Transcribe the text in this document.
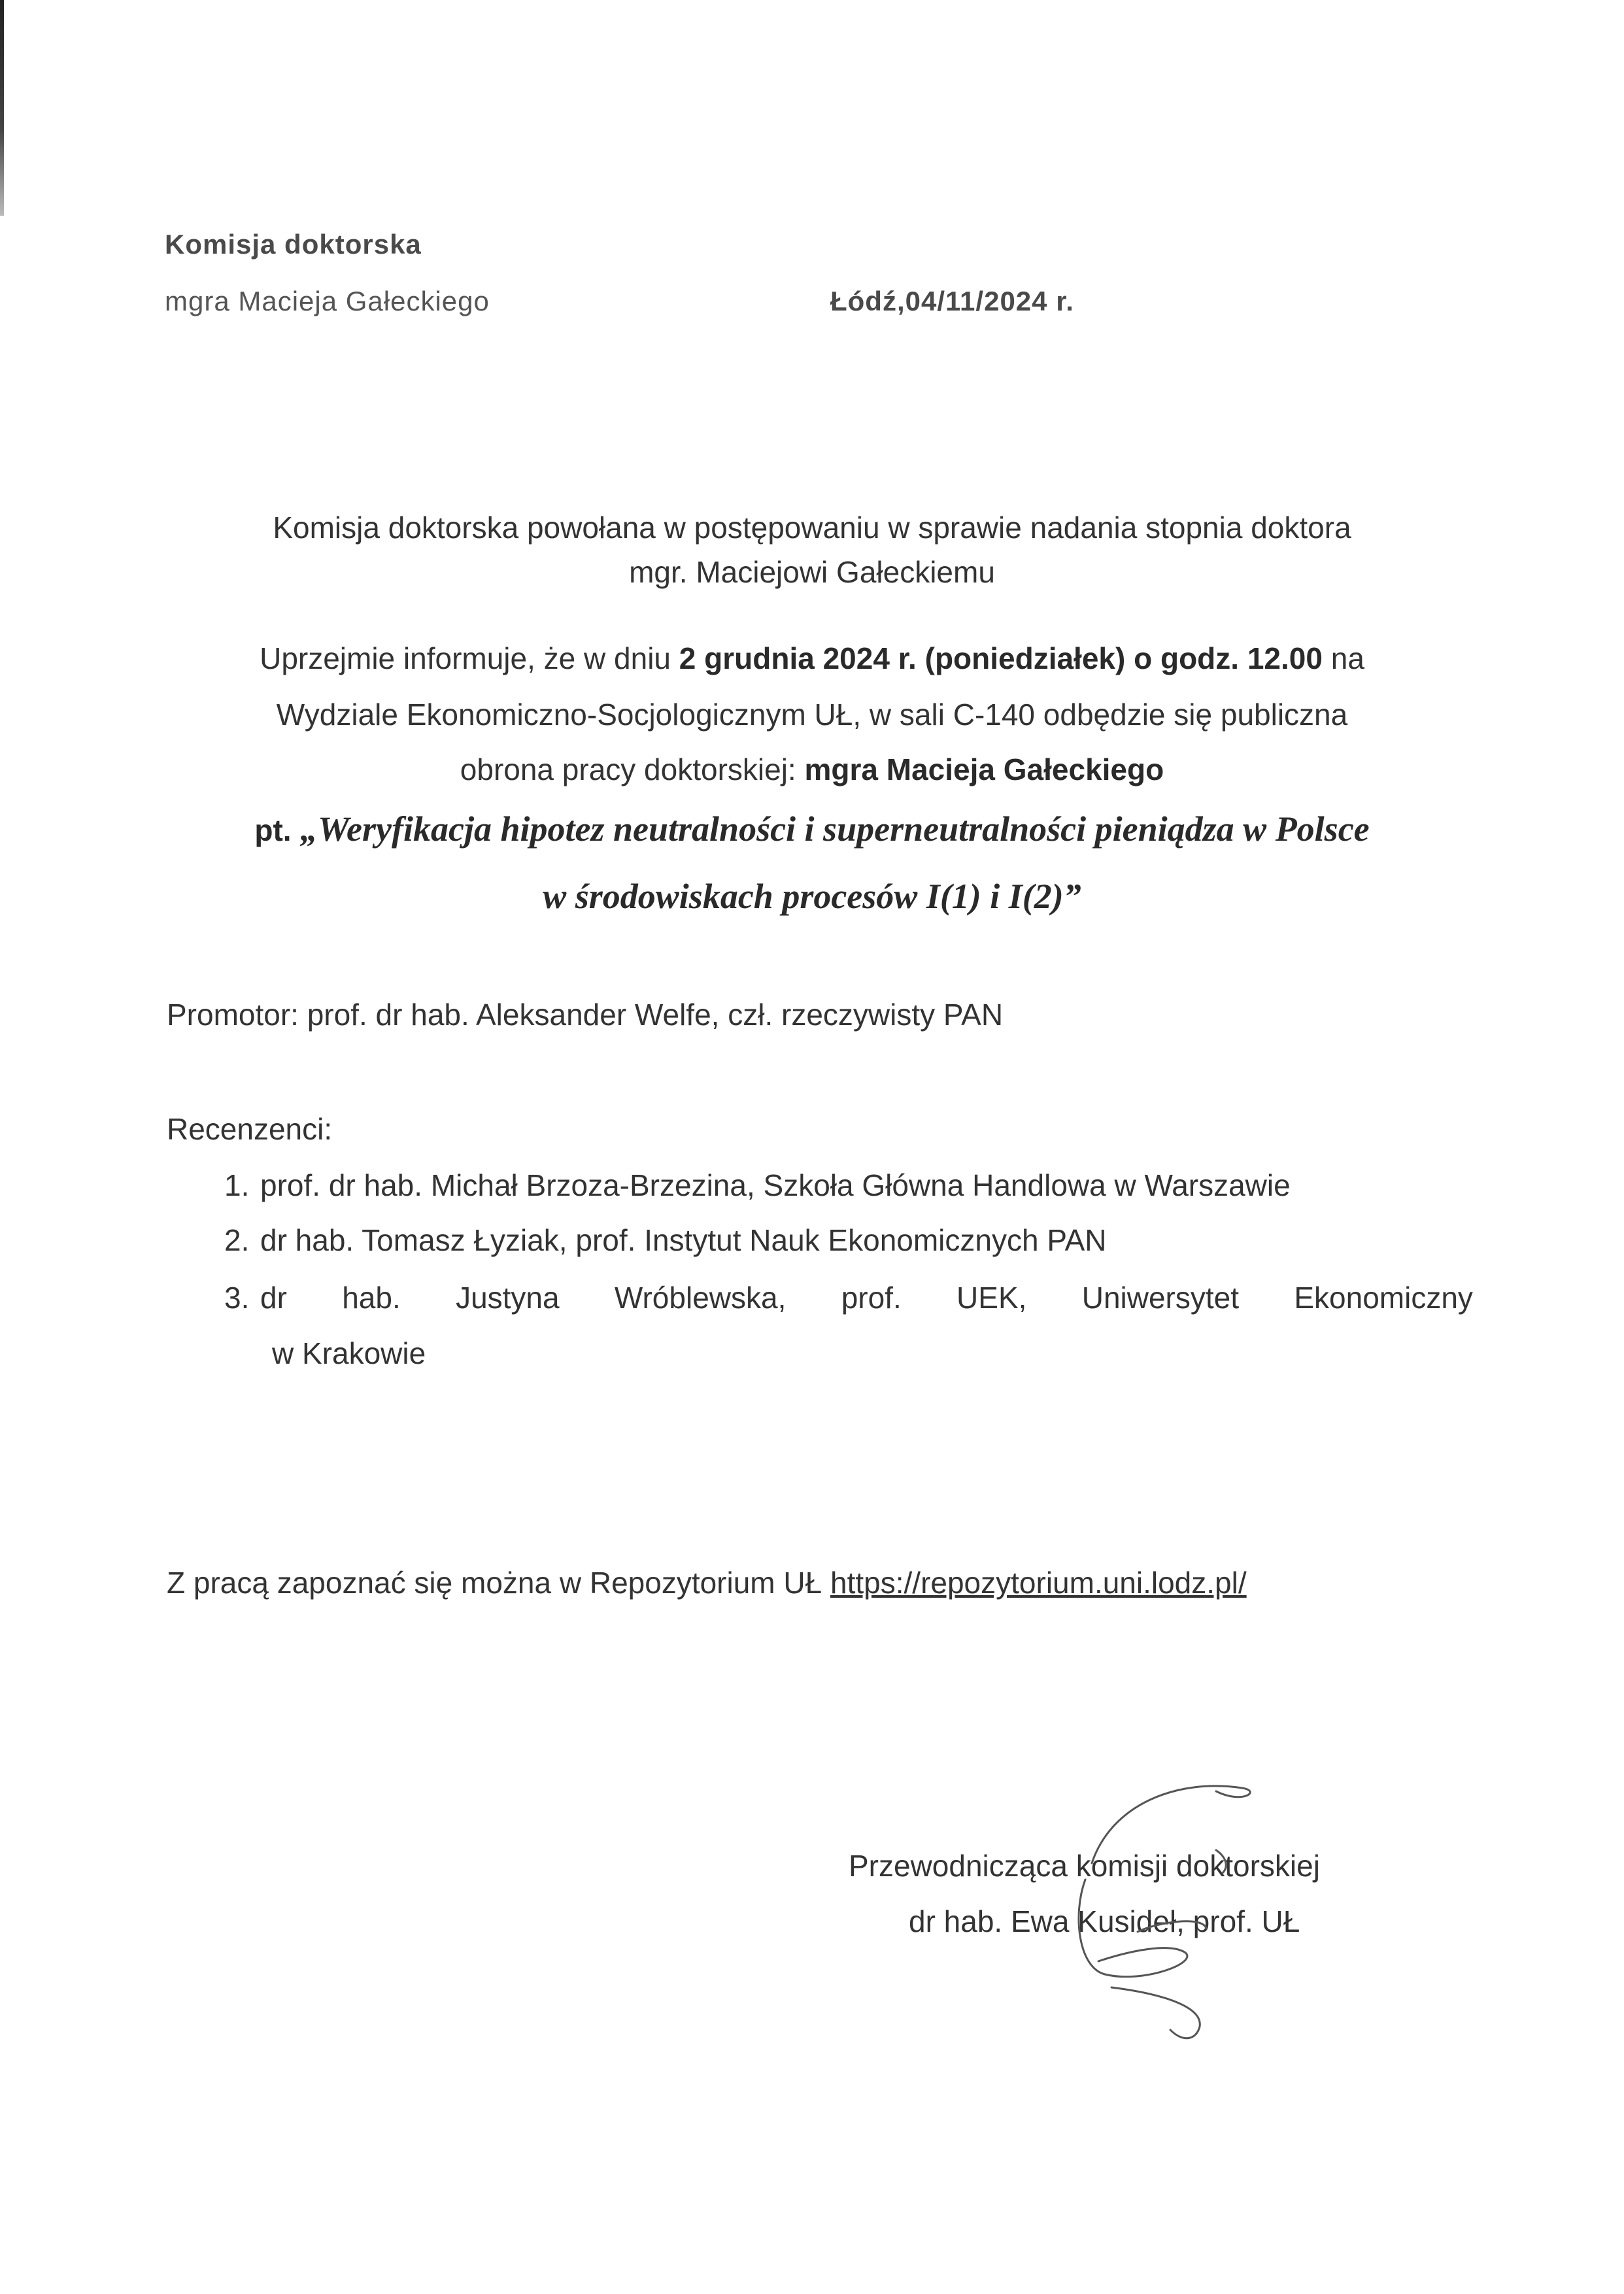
Komisja doktorska
mgra Macieja Gałeckiego	Łódź,04/11/2024 r.
Komisja doktorska powołana w postępowaniu w sprawie nadania stopnia doktora
mgr. Maciejowi Gałeckiemu
Uprzejmie informuje, że w dniu 2 grudnia 2024 r. (poniedziałek) o godz. 12.00 na
Wydziale Ekonomiczno-Socjologicznym UŁ, w sali C-140 odbędzie się publiczna
obrona pracy doktorskiej: mgra Macieja Gałeckiego
pt. „Weryfikacja hipotez neutralności i superneutralności pieniądza w Polsce
w środowiskach procesów I(1) i I(2)”
Promotor: prof. dr hab. Aleksander Welfe, czł. rzeczywisty PAN
Recenzenci:
1. prof. dr hab. Michał Brzoza-Brzezina, Szkoła Główna Handlowa w Warszawie
2. dr hab. Tomasz Łyziak, prof. Instytut Nauk Ekonomicznych PAN
3. dr hab. Justyna Wróblewska, prof. UEK, Uniwersytet Ekonomiczny
w Krakowie
Z pracą zapoznać się można w Repozytorium UŁ https://repozytorium.uni.lodz.pl/
Przewodnicząca komisji doktorskiej
dr hab. Ewa Kusideł, prof. UŁ
